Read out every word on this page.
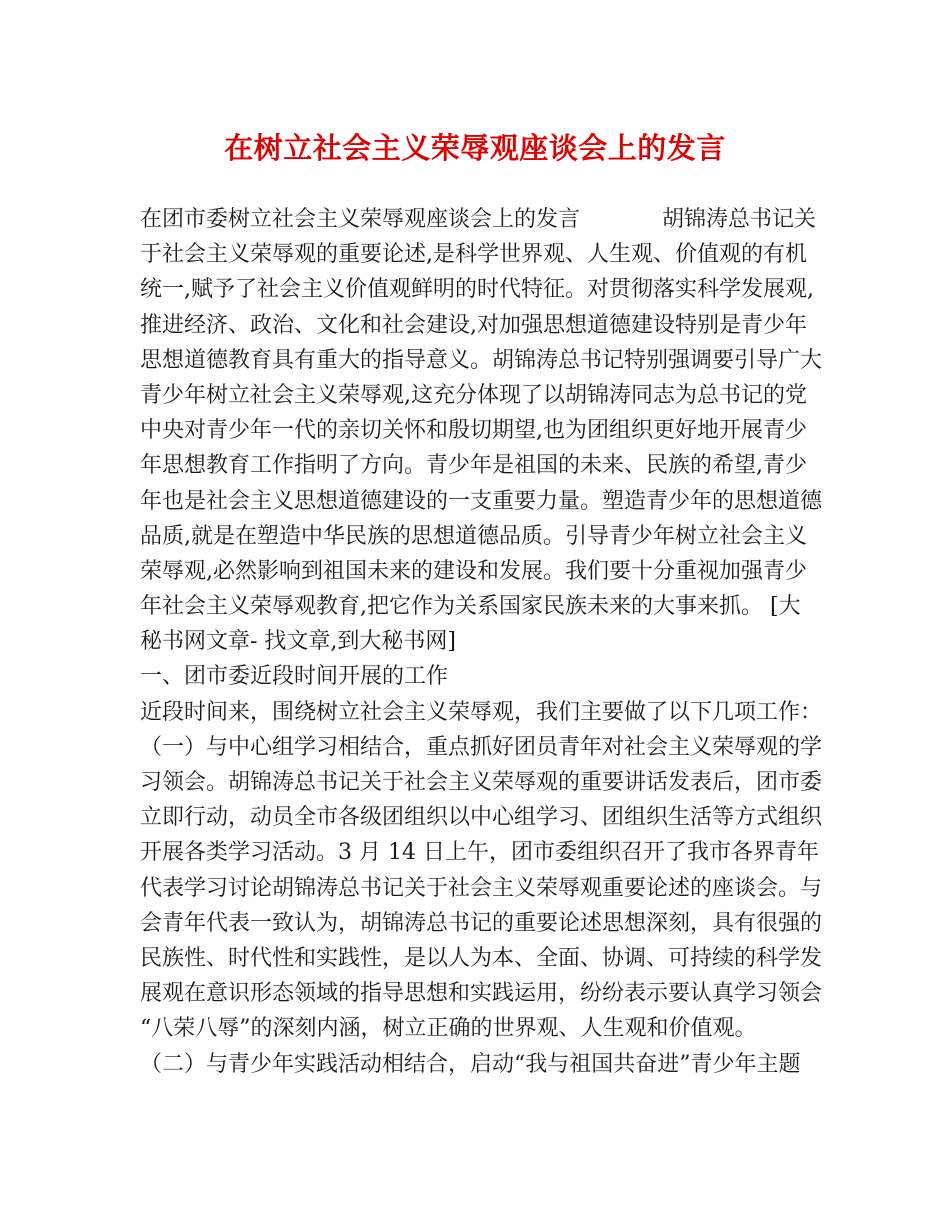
在树立社会主义荣辱观座谈会上的发言
在团市委树立社会主义荣辱观座谈会上的发言	胡锦涛总书记关
于社会主义荣辱观的重要论述,是科学世界观、人生观、价值观的有机
统一,赋予了社会主义价值观鲜明的时代特征。对贯彻落实科学发展观,
推进经济、政治、文化和社会建设,对加强思想道德建设特别是青少年
思想道德教育具有重大的指导意义。胡锦涛总书记特别强调要引导广大
青少年树立社会主义荣辱观,这充分体现了以胡锦涛同志为总书记的党
中央对青少年一代的亲切关怀和殷切期望,也为团组织更好地开展青少
年思想教育工作指明了方向。青少年是祖国的未来、民族的希望,青少
年也是社会主义思想道德建设的一支重要力量。塑造青少年的思想道德
品质,就是在塑造中华民族的思想道德品质。引导青少年树立社会主义
荣辱观,必然影响到祖国未来的建设和发展。我们要十分重视加强青少
年社会主义荣辱观教育,把它作为关系国家民族未来的大事来抓。 [大
秘书网文章- 找文章,到大秘书网]
一、团市委近段时间开展的工作
近段时间来，围绕树立社会主义荣辱观，我们主要做了以下几项工作：
（一）与中心组学习相结合，重点抓好团员青年对社会主义荣辱观的学
习领会。胡锦涛总书记关于社会主义荣辱观的重要讲话发表后，团市委
立即行动，动员全市各级团组织以中心组学习、团组织生活等方式组织
开展各类学习活动。3 月 14 日上午，团市委组织召开了我市各界青年
代表学习讨论胡锦涛总书记关于社会主义荣辱观重要论述的座谈会。与
会青年代表一致认为，胡锦涛总书记的重要论述思想深刻，具有很强的
民族性、时代性和实践性，是以人为本、全面、协调、可持续的科学发
展观在意识形态领域的指导思想和实践运用，纷纷表示要认真学习领会
“八荣八辱”的深刻内涵，树立正确的世界观、人生观和价值观。
（二）与青少年实践活动相结合，启动“我与祖国共奋进”青少年主题
